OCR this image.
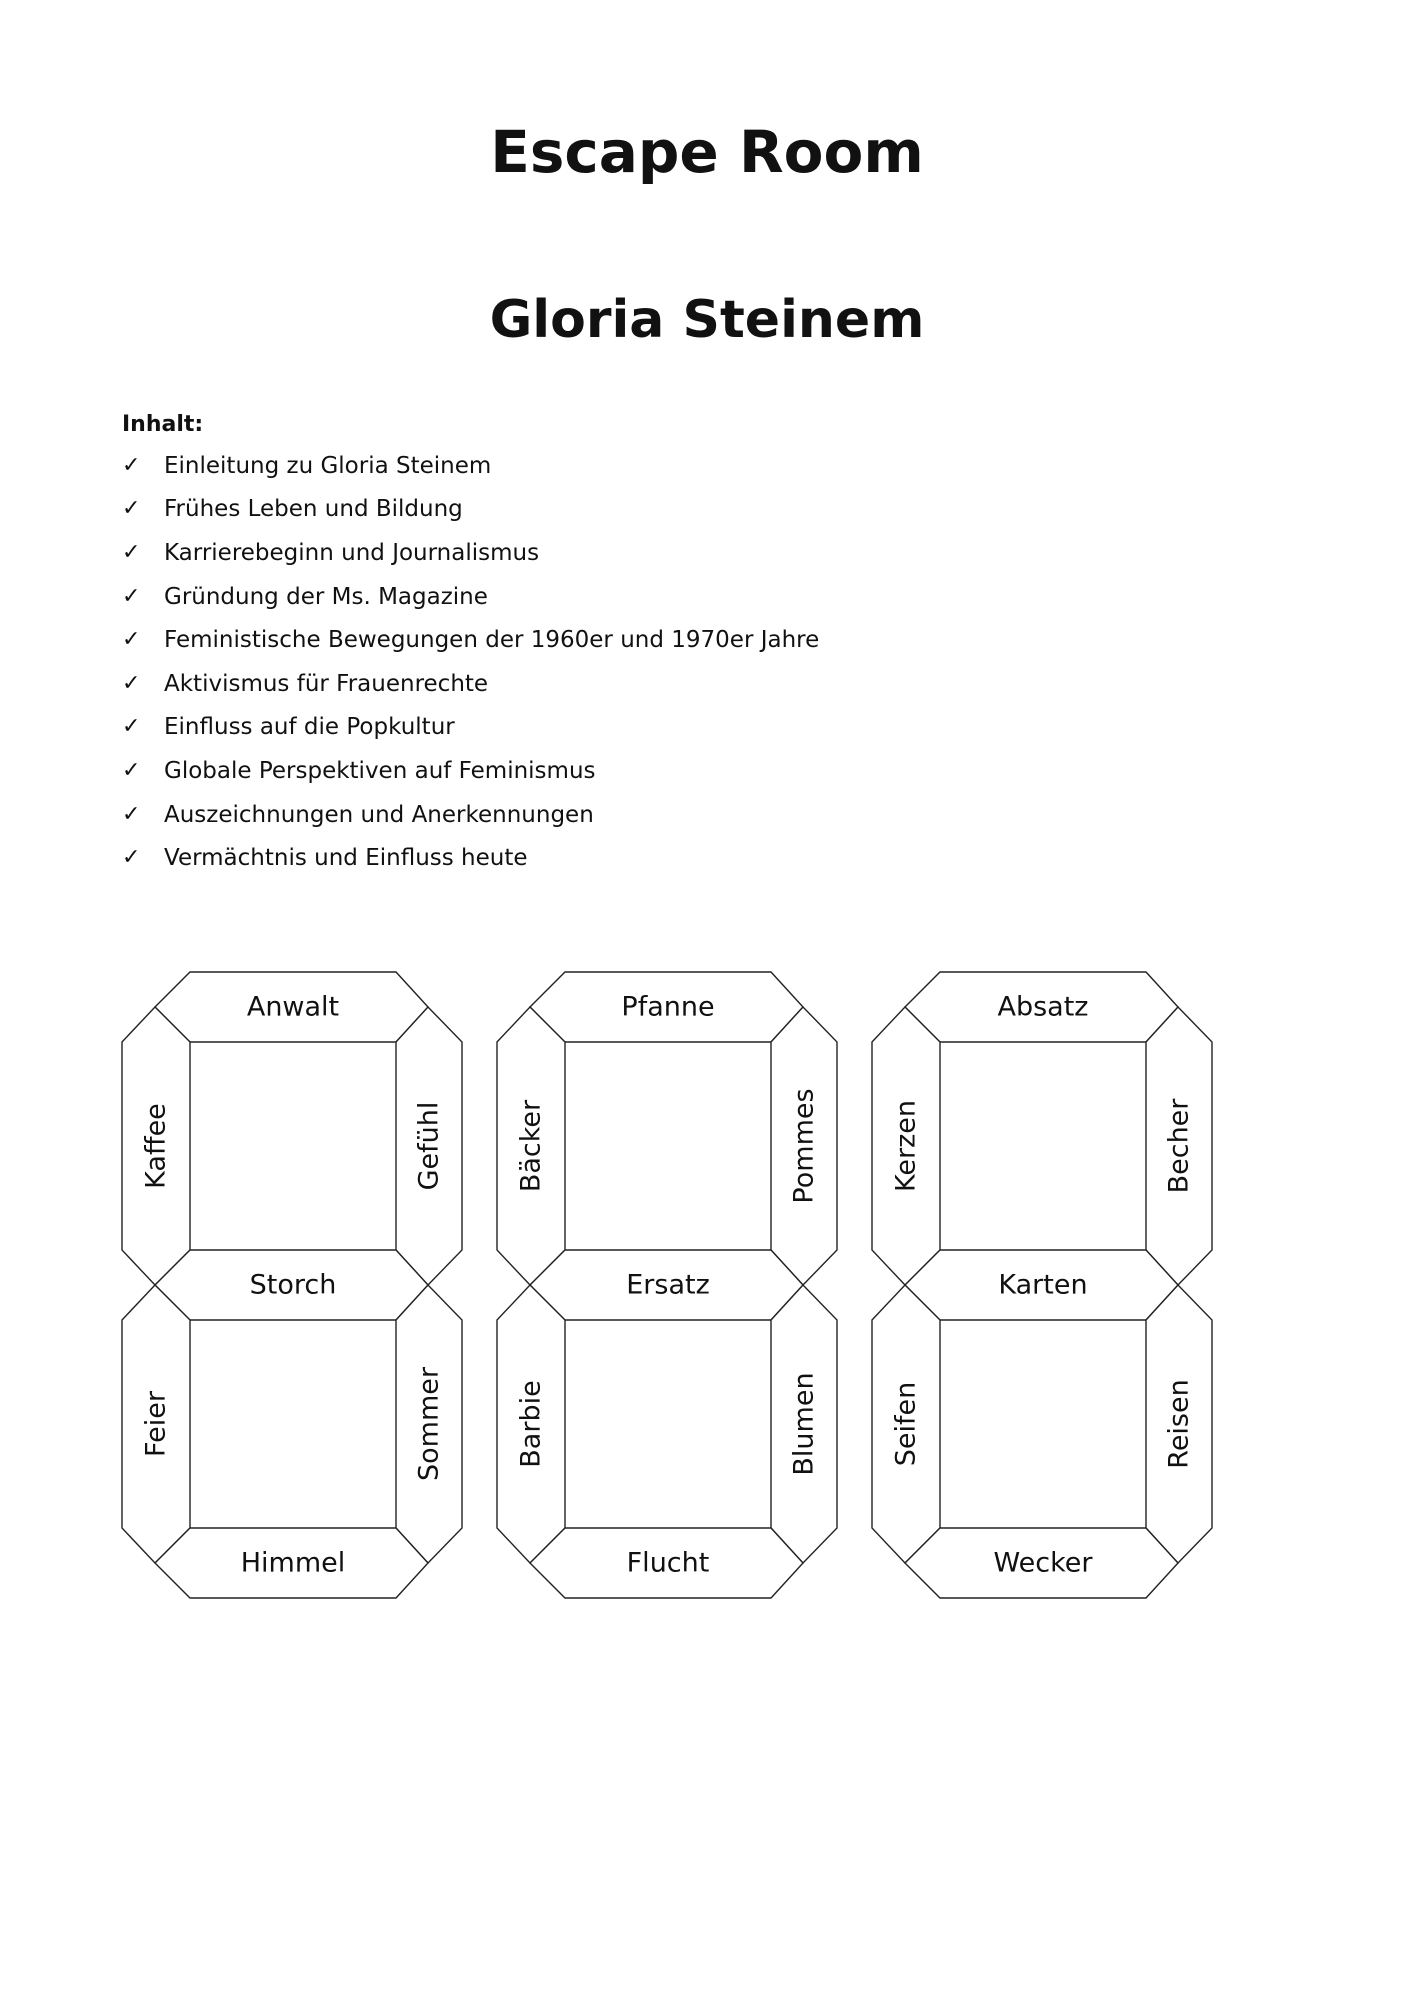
Escape Room
Gloria Steinem

Inhalt:

✓	Einleitung zu Gloria Steinem
✓	Frühes Leben und Bildung
✓	Karrierebeginn und Journalismus
✓	Gründung der Ms. Magazine
✓	Feministische Bewegungen der 1960er und 1970er Jahre
✓	Aktivismus für Frauenrechte
✓	Einfluss auf die Popkultur
✓	Globale Perspektiven auf Feminismus
✓	Auszeichnungen und Anerkennungen
✓	Vermächtnis und Einfluss heute
Anwalt
Kaffee	Gefühl
Storch
Feier	Sommer
Himmel
Pfanne
Bäcker	Pommes
Ersatz
Barbie	Blumen
Flucht
Absatz
Kerzen	Becher
Karten
Seifen	Reisen
Wecker
